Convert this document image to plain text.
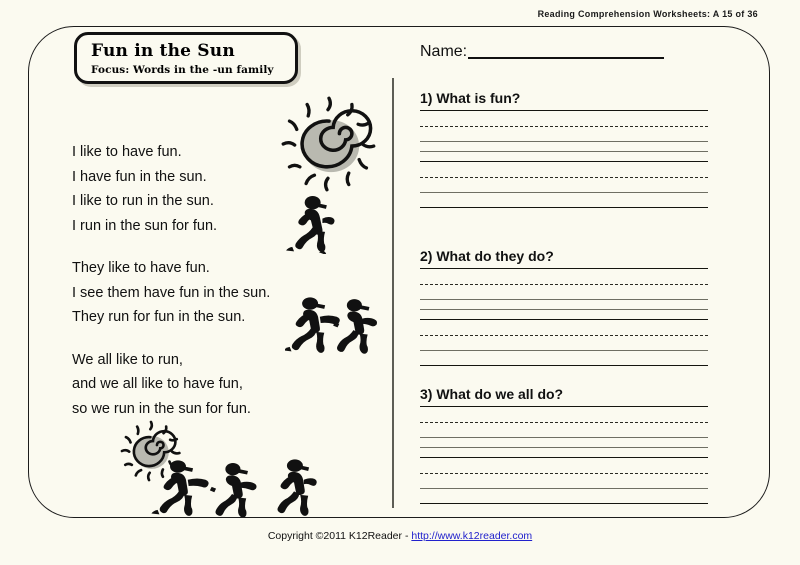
Reading Comprehension Worksheets: A 15 of 36
Fun in the Sun
Focus: Words in the -un family
I like to have fun.
I have fun in the sun.
I like to run in the sun.
I run in the sun for fun.
They like to have fun.
I see them have fun in the sun.
They run for fun in the sun.
We all like to run,
and we all like to have fun,
so we run in the sun for fun.
Name:
1) What is fun?
2) What do they do?
3) What do we all do?
Copyright ©2011 K12Reader - http://www.k12reader.com
